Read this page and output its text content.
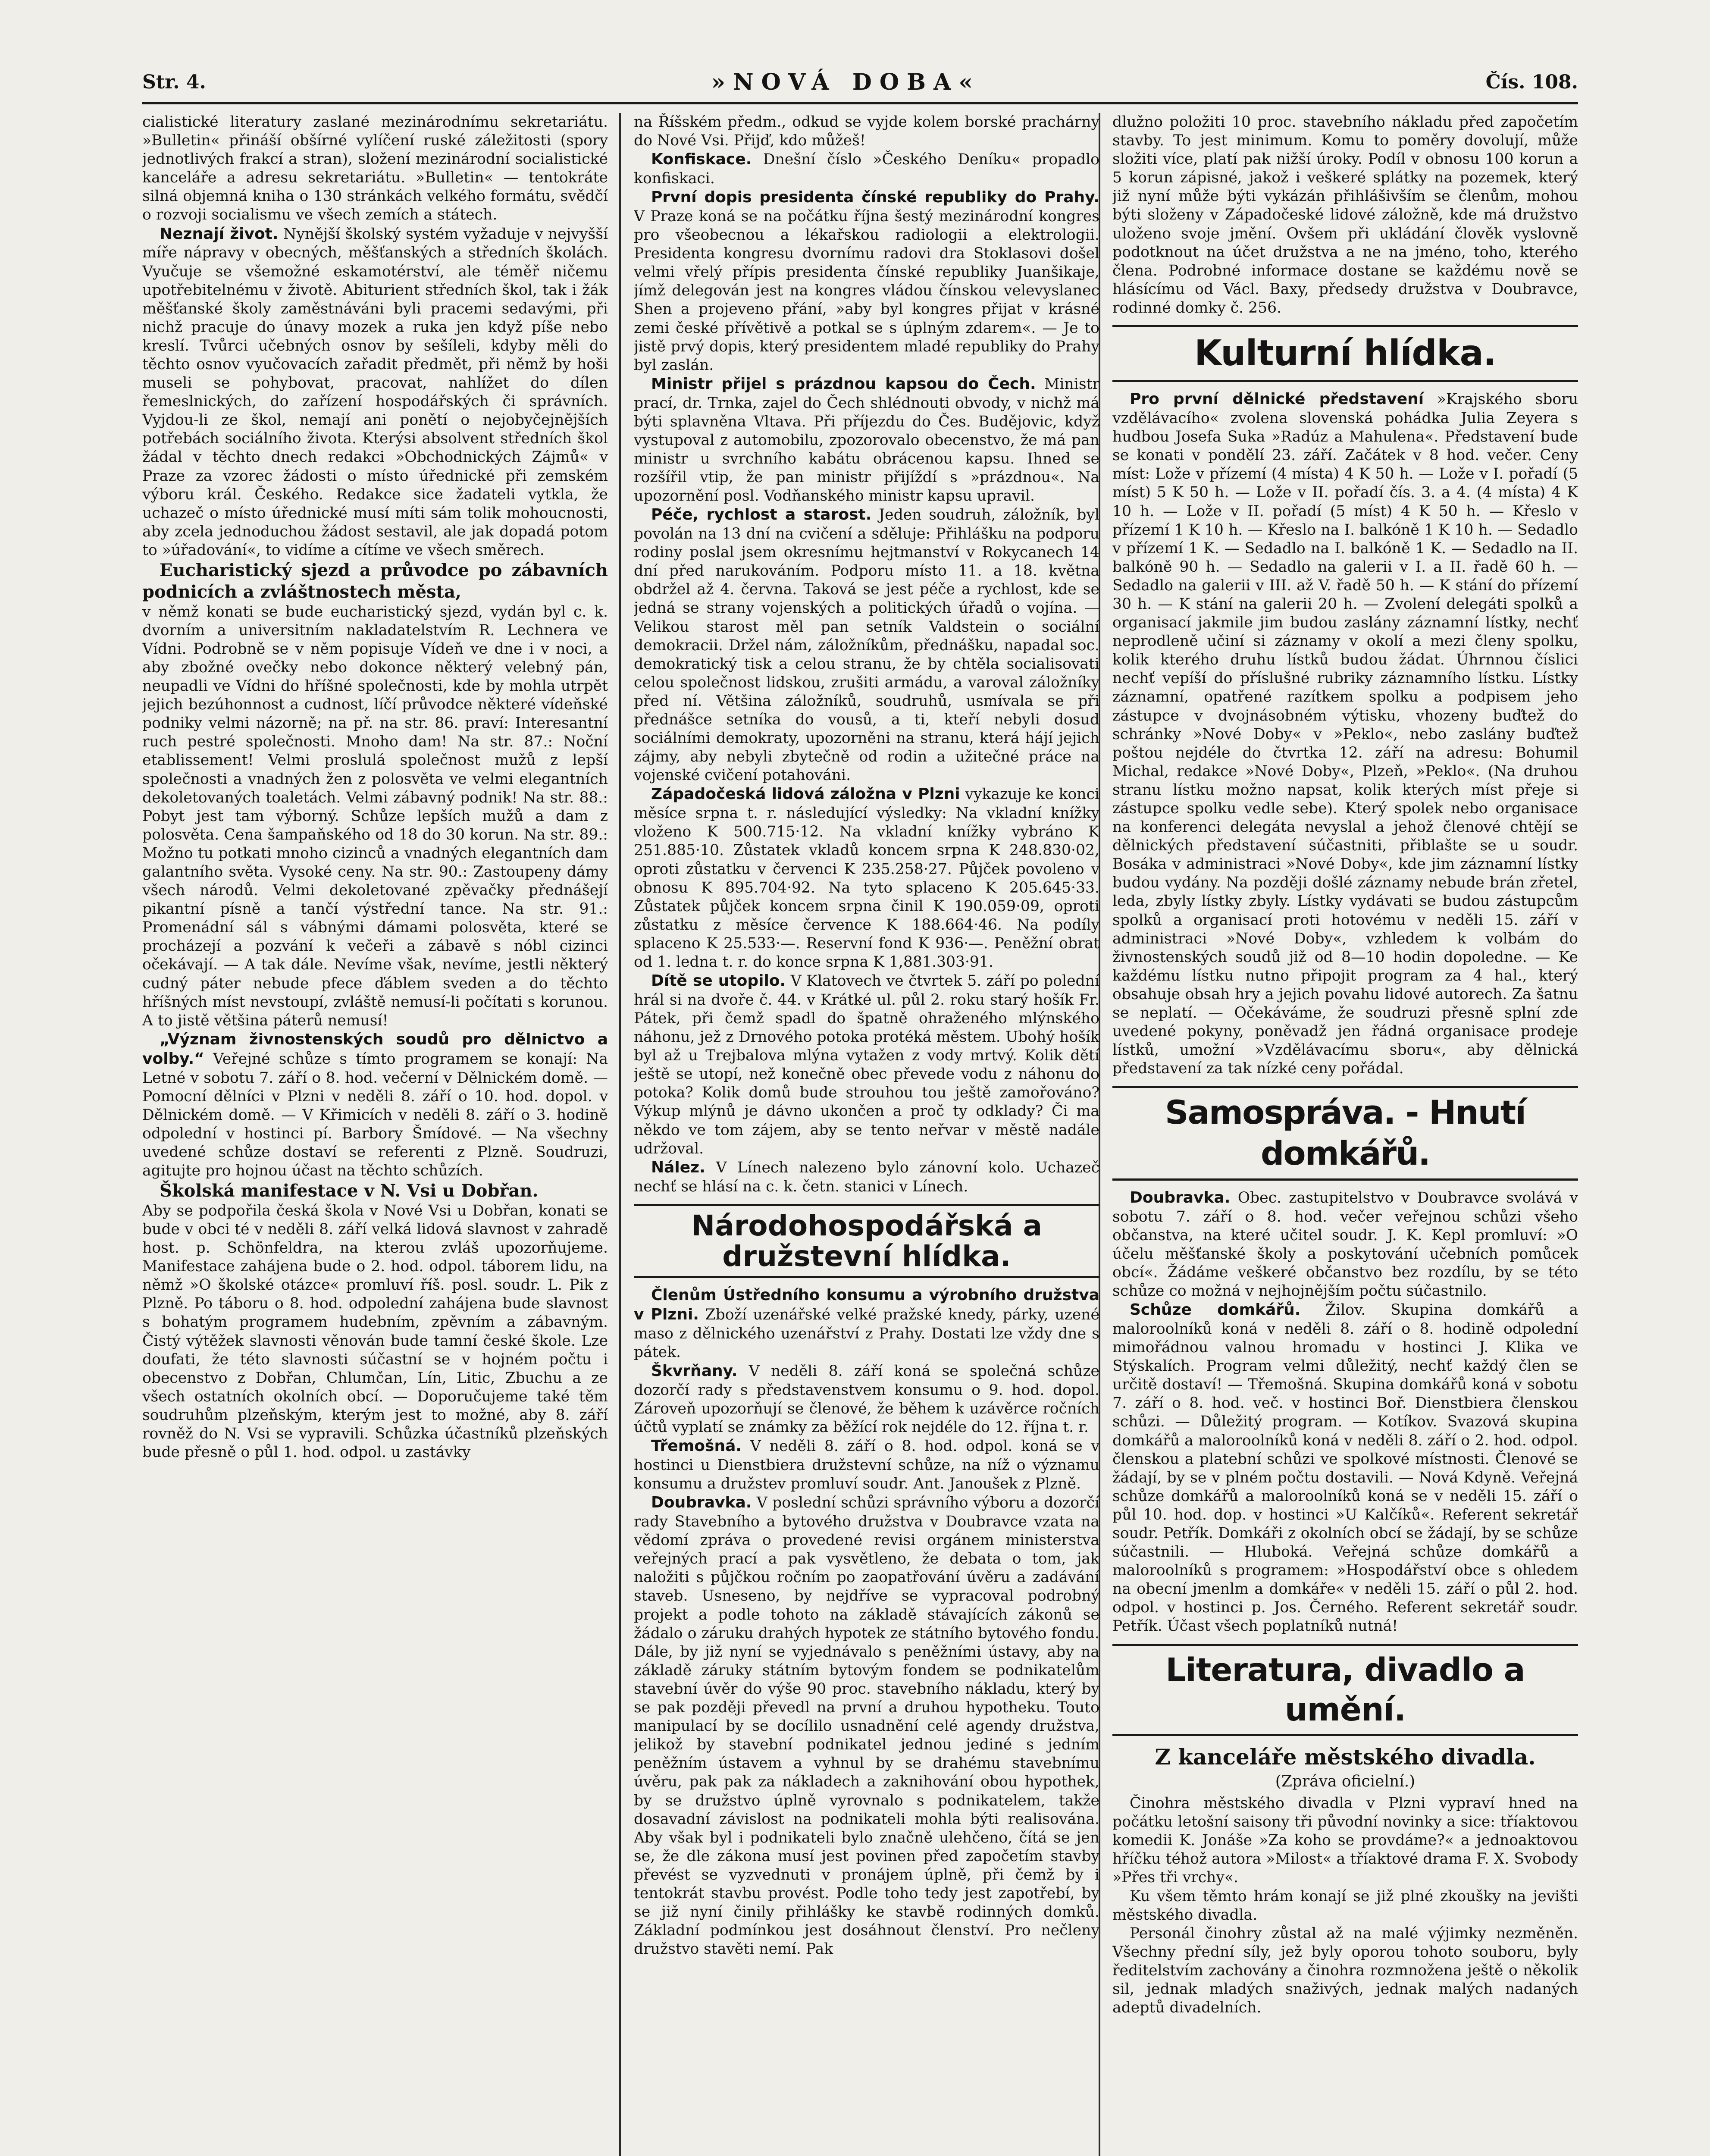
Str. 4.	»NOVÁ DOBA«	Čís. 108.

cialistické literatury zaslané mezinárodnímu sekretariátu. »Bulletin« přináší obšírné vylíčení ruské záležitosti (spory jednotlivých frakcí a stran), složení mezinárodní socialistické kanceláře a adresu sekretariátu. »Bulletin« — tentokráte silná objemná kniha o 130 stránkách velkého formátu, svědčí o rozvoji socialismu ve všech zemích a státech.

Neznají život. Nynější školský systém vyžaduje v nejvyšší míře nápravy v obecných, měšťanských a středních školách. Vyučuje se všemožné eskamotérství, ale téměř ničemu upotřebitelnému v životě. Abiturient středních škol, tak i žák měšťanské školy zaměstnáváni byli pracemi sedavými, při nichž pracuje do únavy mozek a ruka jen když píše nebo kreslí. Tvůrci učebných osnov by sešíleli, kdyby měli do těchto osnov vyučovacích zařadit předmět, při němž by hoši museli se pohybovat, pracovat, nahlížet do dílen řemeslnických, do zařízení hospodářských či správních. Vyjdou-li ze škol, nemají ani ponětí o nejobyčejnějších potřebách sociálního života. Kterýsi absolvent středních škol žádal v těchto dnech redakci »Obchodnických Zájmů« v Praze za vzorec žádosti o místo úřednické při zemském výboru král. Českého. Redakce sice žadateli vytkla, že uchazeč o místo úřednické musí míti sám tolik mohoucnosti, aby zcela jednoduchou žádost sestavil, ale jak dopadá potom to »úřadování«, to vidíme a cítíme ve všech směrech.

Eucharistický sjezd a průvodce po zábavních podnicích a zvláštnostech města,

v němž konati se bude eucharistický sjezd, vydán byl c. k. dvorním a universitním nakladatelstvím R. Lechnera ve Vídni. Podrobně se v něm popisuje Vídeň ve dne i v noci, a aby zbožné ovečky nebo dokonce některý velebný pán, neupadli ve Vídni do hříšné společnosti, kde by mohla utrpět jejich bezúhonnost a cudnost, líčí průvodce některé vídeňské podniky velmi názorně; na př. na str. 86. praví: Interesantní ruch pestré společnosti. Mnoho dam! Na str. 87.: Noční etablissement! Velmi proslulá společnost mužů z lepší společnosti a vnadných žen z polosvěta ve velmi elegantních dekoletovaných toaletách. Velmi zábavný podnik! Na str. 88.: Pobyt jest tam výborný. Schůze lepších mužů a dam z polosvěta. Cena šampaňského od 18 do 30 korun. Na str. 89.: Možno tu potkati mnoho cizinců a vnadných elegantních dam galantního světa. Vysoké ceny. Na str. 90.: Zastoupeny dámy všech národů. Velmi dekoletované zpěvačky přednášejí pikantní písně a tančí výstřední tance. Na str. 91.: Promenádní sál s vábnými dámami polosvěta, které se procházejí a pozvání k večeři a zábavě s nóbl cizinci očekávají. — A tak dále. Nevíme však, nevíme, jestli některý cudný páter nebude pfece ďáblem sveden a do těchto hříšných míst nevstoupí, zvláště nemusí-li počítati s korunou. A to jistě většina páterů nemusí!

„Význam živnostenských soudů pro dělnictvo a volby.“ Veřejné schůze s tímto programem se konají: Na Letné v sobotu 7. září o 8. hod. večerní v Dělnickém domě. — Pomocní dělníci v Plzni v neděli 8. září o 10. hod. dopol. v Dělnickém domě. — V Křimicích v neděli 8. září o 3. hodině odpolední v hostinci pí. Barbory Šmídové. — Na všechny uvedené schůze dostaví se referenti z Plzně. Soudruzi, agitujte pro hojnou účast na těchto schůzích.

Školská manifestace v N. Vsi u Dobřan.

Aby se podpořila česká škola v Nové Vsi u Dobřan, konati se bude v obci té v neděli 8. září velká lidová slavnost v zahradě host. p. Schönfeldra, na kterou zvláš upozorňujeme. Manifestace zahájena bude o 2. hod. odpol. táborem lidu, na němž »O školské otázce« promluví říš. posl. soudr. L. Pik z Plzně. Po táboru o 8. hod. odpolední zahájena bude slavnost s bohatým programem hudebním, zpěvním a zábavným. Čistý výtěžek slavnosti věnován bude tamní české škole. Lze doufati, že této slavnosti súčastní se v hojném počtu i obecenstvo z Dobřan, Chlumčan, Lín, Litic, Zbuchu a ze všech ostatních okolních obcí. — Doporučujeme také těm soudruhům plzeňským, kterým jest to možné, aby 8. září rovněž do N. Vsi se vypravili. Schůzka účastníků plzeňských bude přesně o půl 1. hod. odpol. u zastávky

na Říšském předm., odkud se vyjde kolem borské prachárny do Nové Vsi. Přijď, kdo můžeš!

Konfiskace. Dnešní číslo »Českého Deníku« propadlo konfiskaci.

První dopis presidenta čínské republiky do Prahy. V Praze koná se na počátku října šestý mezinárodní kongres pro všeobecnou a lékařskou radiologii a elektrologii. Presidenta kongresu dvornímu radovi dra Stoklasovi došel velmi vřelý přípis presidenta čínské republiky Juanšikaje, jímž delegován jest na kongres vládou čínskou velevyslanec Shen a projeveno přání, »aby byl kongres přijat v krásné zemi české přívětivě a potkal se s úplným zdarem«. — Je to jistě prvý dopis, který presidentem mladé republiky do Prahy byl zaslán.

Ministr přijel s prázdnou kapsou do Čech. Ministr prací, dr. Trnka, zajel do Čech shlédnouti obvody, v nichž má býti splavněna Vltava. Při příjezdu do Čes. Budějovic, když vystupoval z automobilu, zpozorovalo obecenstvo, že má pan ministr u svrchního kabátu obrácenou kapsu. Ihned se rozšířil vtip, že pan ministr přijíždí s »prázdnou«. Na upozornění posl. Vodňanského ministr kapsu upravil.

Péče, rychlost a starost. Jeden soudruh, záložník, byl povolán na 13 dní na cvičení a sděluje: Přihlášku na podporu rodiny poslal jsem okresnímu hejtmanství v Rokycanech 14 dní před narukováním. Podporu místo 11. a 18. května obdržel až 4. června. Taková se jest péče a rychlost, kde se jedná se strany vojenských a politických úřadů o vojína. — Velikou starost měl pan setník Valdstein o sociální demokracii. Držel nám, záložníkům, přednášku, napadal soc. demokratický tisk a celou stranu, že by chtěla socialisovati celou společnost lidskou, zrušiti armádu, a varoval záložníky před ní. Většina záložníků, soudruhů, usmívala se při přednášce setníka do vousů, a ti, kteří nebyli dosud sociálními demokraty, upozorněni na stranu, která hájí jejich zájmy, aby nebyli zbytečně od rodin a užitečné práce na vojenské cvičení potahováni.

Západočeská lidová záložna v Plzni vykazuje ke konci měsíce srpna t. r. následující výsledky: Na vkladní knížky vloženo K 500.715·12. Na vkladní knížky vybráno K 251.885·10. Zůstatek vkladů koncem srpna K 248.830·02, oproti zůstatku v červenci K 235.258·27. Půjček povoleno v obnosu K 895.704·92. Na tyto splaceno K 205.645·33. Zůstatek půjček koncem srpna činil K 190.059·09, oproti zůstatku z měsíce července K 188.664·46. Na podíly splaceno K 25.533·—. Reservní fond K 936·—. Peněžní obrat od 1. ledna t. r. do konce srpna K 1,881.303·91.

Dítě se utopilo. V Klatovech ve čtvrtek 5. září po polední hrál si na dvoře č. 44. v Krátké ul. půl 2. roku starý hošík Fr. Pátek, při čemž spadl do špatně ohraženého mlýnského náhonu, jež z Drnového potoka protéká městem. Ubohý hošík byl až u Trejbalova mlýna vytažen z vody mrtvý. Kolik dětí ještě se utopí, než konečně obec převede vodu z náhonu do potoka? Kolik domů bude strouhou tou ještě zamořováno? Výkup mlýnů je dávno ukončen a proč ty odklady? Či ma někdo ve tom zájem, aby se tento neřvar v městě nadále udržoval.

Nález. V Línech nalezeno bylo zánovní kolo. Uchazeč nechť se hlásí na c. k. četn. stanici v Línech.

Národohospodářská a družstevní hlídka.

Členům Ústředního konsumu a výrobního družstva v Plzni. Zboží uzenářské velké pražské knedy, párky, uzené maso z dělnického uzenářství z Prahy. Dostati lze vždy dne s pátek.

Škvrňany. V neděli 8. září koná se společná schůze dozorčí rady s představenstvem konsumu o 9. hod. dopol. Zároveň upozorňují se členové, že během k uzávěrce ročních účtů vyplatí se známky za běžící rok nejdéle do 12. října t. r.

Třemošná. V neděli 8. září o 8. hod. odpol. koná se v hostinci u Dienstbiera družstevní schůze, na níž o významu konsumu a družstev promluví soudr. Ant. Janoušek z Plzně.

Doubravka. V poslední schůzi správního výboru a dozorčí rady Stavebního a bytového družstva v Doubravce vzata na vědomí zpráva o provedené revisi orgánem ministerstva veřejných prací a pak vysvětleno, že debata o tom, jak naložiti s půjčkou ročním po zaopatřování úvěru a zadávání staveb. Usneseno, by nejdříve se vypracoval podrobný projekt a podle tohoto na základě stávajících zákonů se žádalo o záruku drahých hypotek ze státního bytového fondu. Dále, by již nyní se vyjednávalo s peněžními ústavy, aby na základě záruky státním bytovým fondem se podnikatelům stavební úvěr do výše 90 proc. stavebního nákladu, který by se pak později převedl na první a druhou hypotheku. Touto manipulací by se docílilo usnadnění celé agendy družstva, jelikož by stavební podnikatel jednou jediné s jedním peněžním ústavem a vyhnul by se drahému stavebnímu úvěru, pak pak za nákladech a zaknihování obou hypothek, by se družstvo úplně vyrovnalo s podnikatelem, takže dosavadní závislost na podnikateli mohla býti realisována. Aby však byl i podnikateli bylo značně ulehčeno, čítá se jen se, že dle zákona musí jest povinen před započetím stavby převést se vyzvednuti v pronájem úplně, při čemž by i tentokrát stavbu provést. Podle toho tedy jest zapotřebí, by se již nyní činily přihlášky ke stavbě rodinných domků. Základní podmínkou jest dosáhnout členství. Pro nečleny družstvo stavěti nemí. Pak

dlužno položiti 10 proc. stavebního nákladu před započetím stavby. To jest minimum. Komu to poměry dovolují, může složiti více, platí pak nižší úroky. Podíl v obnosu 100 korun a 5 korun zápisné, jakož i veškeré splátky na pozemek, který již nyní může býti vykázán přihlášivším se členům, mohou býti složeny v Západočeské lidové záložně, kde má družstvo uloženo svoje jmění. Ovšem při ukládání člověk vyslovně podotknout na účet družstva a ne na jméno, toho, kterého člena. Podrobné informace dostane se každému nově se hlásícímu od Václ. Baxy, předsedy družstva v Doubravce, rodinné domky č. 256.

Kulturní hlídka.

Pro první dělnické představení »Krajského sboru vzdělávacího« zvolena slovenská pohádka Julia Zeyera s hudbou Josefa Suka »Radúz a Mahulena«. Představení bude se konati v pondělí 23. září. Začátek v 8 hod. večer. Ceny míst: Lože v přízemí (4 místa) 4 K 50 h. — Lože v I. pořadí (5 míst) 5 K 50 h. — Lože v II. pořadí čís. 3. a 4. (4 místa) 4 K 10 h. — Lože v II. pořadí (5 míst) 4 K 50 h. — Křeslo v přízemí 1 K 10 h. — Křeslo na I. balkóně 1 K 10 h. — Sedadlo v přízemí 1 K. — Sedadlo na I. balkóně 1 K. — Sedadlo na II. balkóně 90 h. — Sedadlo na galerii v I. a II. řadě 60 h. — Sedadlo na galerii v III. až V. řadě 50 h. — K stání do přízemí 30 h. — K stání na galerii 20 h. — Zvolení delegáti spolků a organisací jakmile jim budou zaslány záznamní lístky, nechť neprodleně učiní si záznamy v okolí a mezi členy spolku, kolik kterého druhu lístků budou žádat. Úhrnnou číslici nechť vepíší do příslušné rubriky záznamního lístku. Lístky záznamní, opatřené razítkem spolku a podpisem jeho zástupce v dvojnásobném výtisku, vhozeny buďtež do schránky »Nové Doby« v »Peklo«, nebo zaslány buďtež poštou nejdéle do čtvrtka 12. září na adresu: Bohumil Michal, redakce »Nové Doby«, Plzeň, »Peklo«. (Na druhou stranu lístku možno napsat, kolik kterých míst přeje si zástupce spolku vedle sebe). Který spolek nebo organisace na konferenci delegáta nevyslal a jehož členové chtějí se dělnických představení súčastniti, přiblašte se u soudr. Bosáka v administraci »Nové Doby«, kde jim záznamní lístky budou vydány. Na později došlé záznamy nebude brán zřetel, leda, zbyly lístky zbyly. Lístky vydávati se budou zástupcům spolků a organisací proti hotovému v neděli 15. září v administraci »Nové Doby«, vzhledem k volbám do živnostenských soudů již od 8—10 hodin dopoledne. — Ke každému lístku nutno připojit program za 4 hal., který obsahuje obsah hry a jejich povahu lidové autorech. Za šatnu se neplatí. — Očekáváme, že soudruzi přesně splní zde uvedené pokyny, poněvadž jen řádná organisace prodeje lístků, umožní »Vzdělávacímu sboru«, aby dělnická představení za tak nízké ceny pořádal.

Samospráva. - Hnutí domkářů.

Doubravka. Obec. zastupitelstvo v Doubravce svolává v sobotu 7. září o 8. hod. večer veřejnou schůzi všeho občanstva, na které učitel soudr. J. K. Kepl promluví: »O účelu měšťanské školy a poskytování učebních pomůcek obcí«. Žádáme veškeré občanstvo bez rozdílu, by se této schůze co možná v nejhojnějším počtu súčastnilo.

Schůze domkářů. Žilov. Skupina domkářů a maloroolníků koná v neděli 8. září o 8. hodině odpolední mimořádnou valnou hromadu v hostinci J. Klika ve Stýskalích. Program velmi důležitý, nechť každý člen se určitě dostaví! — Třemošná. Skupina domkářů koná v sobotu 7. září o 8. hod. več. v hostinci Boř. Dienstbiera členskou schůzi. — Důležitý program. — Kotíkov. Svazová skupina domkářů a maloroolníků koná v neděli 8. září o 2. hod. odpol. členskou a platební schůzi ve spolkové místnosti. Členové se žádají, by se v plném počtu dostavili. — Nová Kdyně. Veřejná schůze domkářů a maloroolníků koná se v neděli 15. září o půl 10. hod. dop. v hostinci »U Kalčíků«. Referent sekretář soudr. Petřík. Domkáři z okolních obcí se žádají, by se schůze súčastnili. — Hluboká. Veřejná schůze domkářů a maloroolníků s programem: »Hospodářství obce s ohledem na obecní jmenlm a domkáře« v neděli 15. září o půl 2. hod. odpol. v hostinci p. Jos. Černého. Referent sekretář soudr. Petřík. Účast všech poplatníků nutná!

Literatura, divadlo a umění.
Z kanceláře městského divadla.
(Zpráva oficielní.)

Činohra městského divadla v Plzni vypraví hned na počátku letošní saisony tři původní novinky a sice: tříaktovou komedii K. Jonáše »Za koho se provdáme?« a jednoaktovou hříčku téhož autora »Milost« a tříaktové drama F. X. Svobody »Přes tři vrchy«.

Ku všem těmto hrám konají se již plné zkoušky na jevišti městského divadla.

Personál činohry zůstal až na malé výjimky nezměněn. Všechny přední síly, jež byly oporou tohoto souboru, byly ředitelstvím zachovány a činohra rozmnožena ještě o několik sil, jednak mladých snaživých, jednak malých nadaných adeptů divadelních.
